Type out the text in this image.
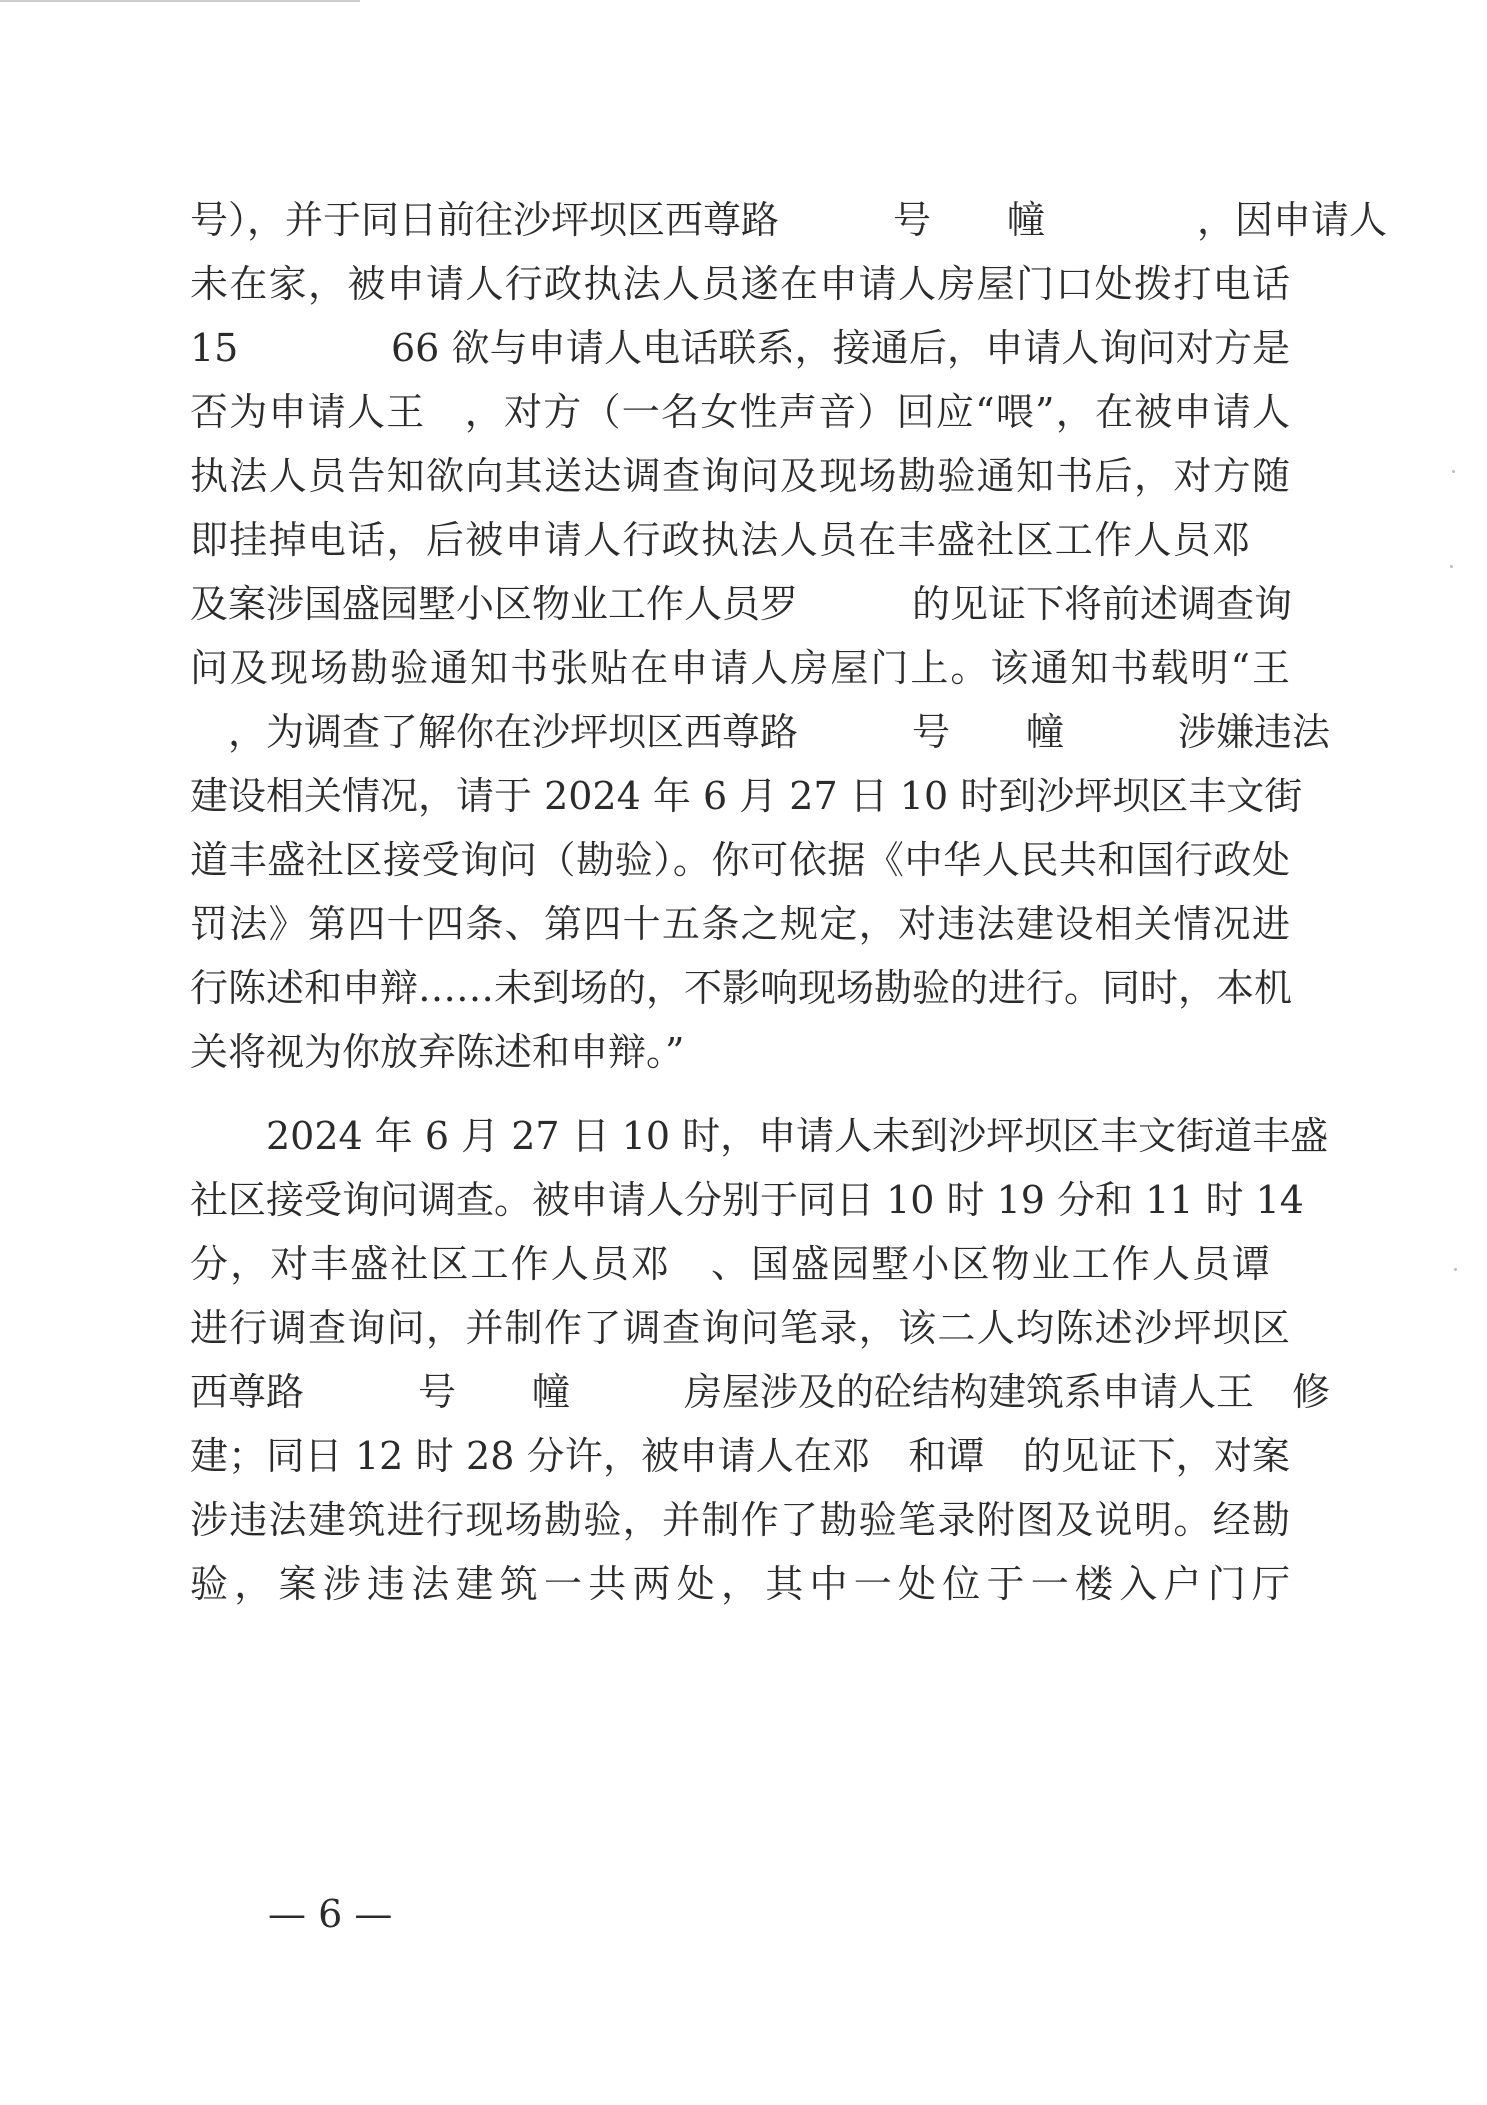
号），并于同日前往沙坪坝区西尊路　　　号　　幢　　　　，因申请人
未在家，被申请人行政执法人员遂在申请人房屋门口处拨打电话
15　　　　66 欲与申请人电话联系，接通后，申请人询问对方是
否为申请人王　，对方（一名女性声音）回应“喂”，在被申请人
执法人员告知欲向其送达调查询问及现场勘验通知书后，对方随
即挂掉电话，后被申请人行政执法人员在丰盛社区工作人员邓
及案涉国盛园墅小区物业工作人员罗　　　的见证下将前述调查询
问及现场勘验通知书张贴在申请人房屋门上。该通知书载明“王
，为调查了解你在沙坪坝区西尊路　　　号　　幢　　　涉嫌违法
建设相关情况，请于 2024 年 6 月 27 日 10 时到沙坪坝区丰文街
道丰盛社区接受询问（勘验）。你可依据《中华人民共和国行政处
罚法》第四十四条、第四十五条之规定，对违法建设相关情况进
行陈述和申辩……未到场的，不影响现场勘验的进行。同时，本机
关将视为你放弃陈述和申辩。”
　　2024 年 6 月 27 日 10 时，申请人未到沙坪坝区丰文街道丰盛
社区接受询问调查。被申请人分别于同日 10 时 19 分和 11 时 14
分，对丰盛社区工作人员邓　、国盛园墅小区物业工作人员谭
进行调查询问，并制作了调查询问笔录，该二人均陈述沙坪坝区
西尊路　　　号　　幢　　　房屋涉及的砼结构建筑系申请人王　修
建；同日 12 时 28 分许，被申请人在邓　和谭　的见证下，对案
涉违法建筑进行现场勘验，并制作了勘验笔录附图及说明。经勘
验，案涉违法建筑一共两处，其中一处位于一楼入户门厅
— 6 —
